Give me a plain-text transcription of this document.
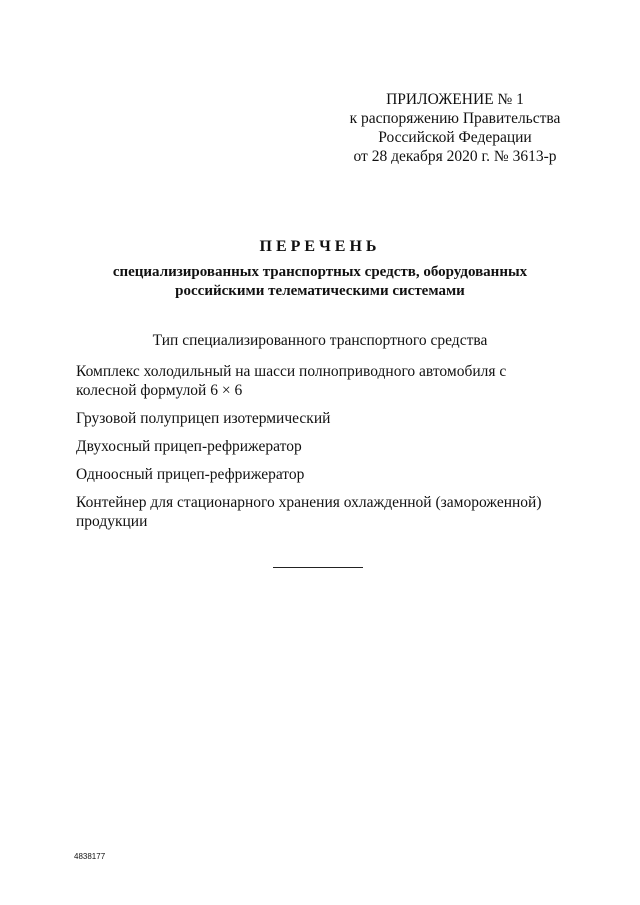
ПРИЛОЖЕНИЕ № 1
к распоряжению Правительства
Российской Федерации
от 28 декабря 2020 г. № 3613-р
ПЕРЕЧЕНЬ
специализированных транспортных средств, оборудованных
российскими телематическими системами
Тип специализированного транспортного средства
Комплекс холодильный на шасси полноприводного автомобиля с колесной формулой 6 × 6
Грузовой полуприцеп изотермический
Двухосный прицеп-рефрижератор
Одноосный прицеп-рефрижератор
Контейнер для стационарного хранения охлажденной (замороженной) продукции
4838177
